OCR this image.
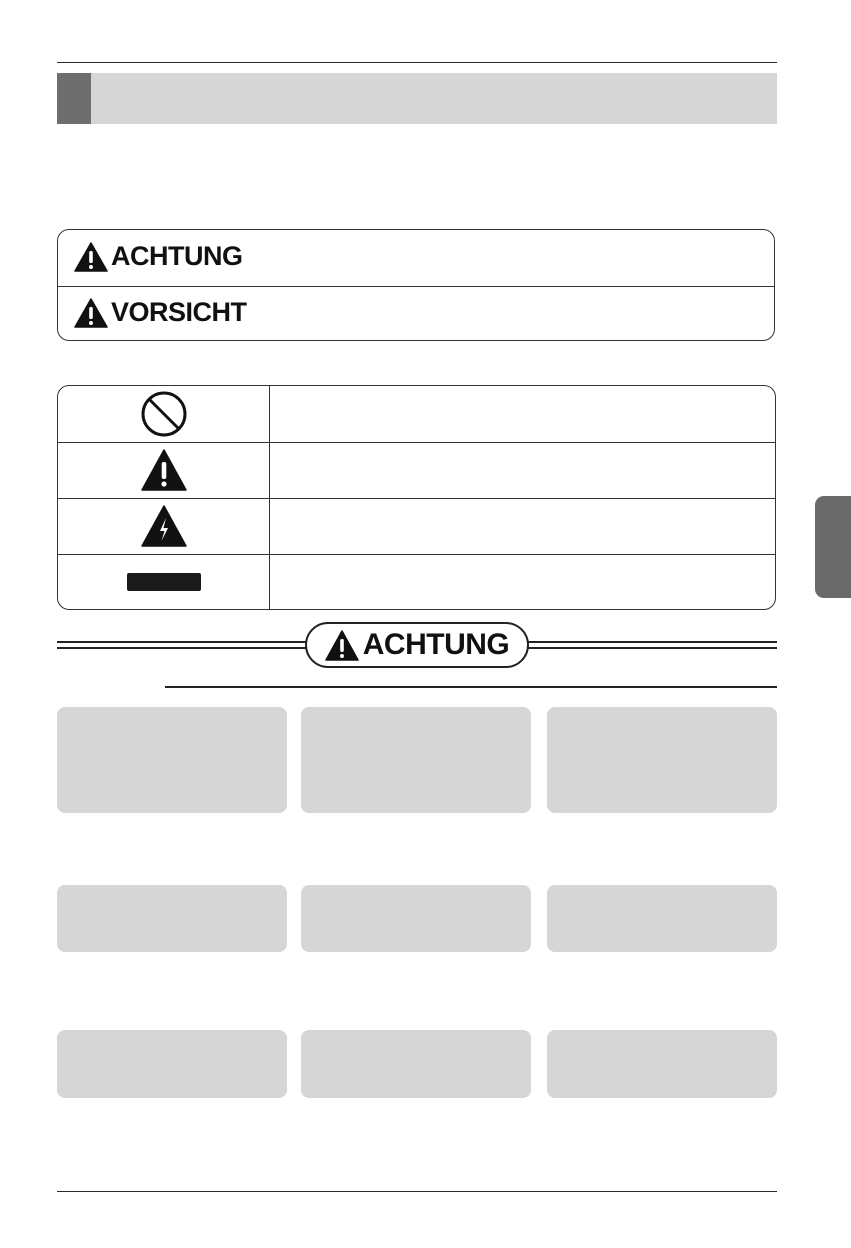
ACHTUNG
VORSICHT
ACHTUNG
